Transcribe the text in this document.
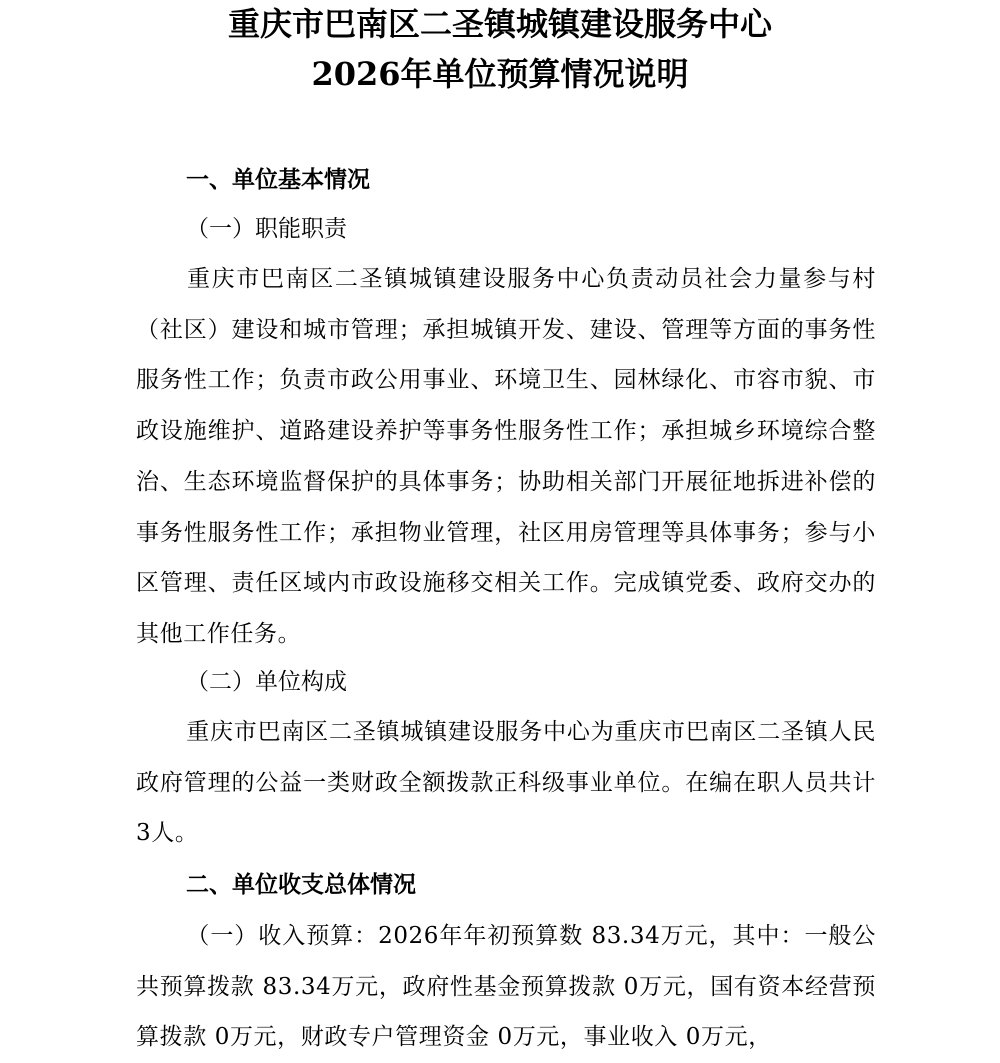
重庆市巴南区二圣镇城镇建设服务中心
2026年单位预算情况说明
一、单位基本情况
（一）职能职责
重庆市巴南区二圣镇城镇建设服务中心负责动员社会力量参与村（社区）建设和城市管理；承担城镇开发、建设、管理等方面的事务性服务性工作；负责市政公用事业、环境卫生、园林绿化、市容市貌、市政设施维护、道路建设养护等事务性服务性工作；承担城乡环境综合整治、生态环境监督保护的具体事务；协助相关部门开展征地拆进补偿的事务性服务性工作；承担物业管理，社区用房管理等具体事务；参与小区管理、责任区域内市政设施移交相关工作。完成镇党委、政府交办的其他工作任务。
（二）单位构成
重庆市巴南区二圣镇城镇建设服务中心为重庆市巴南区二圣镇人民政府管理的公益一类财政全额拨款正科级事业单位。在编在职人员共计3人。
二、单位收支总体情况
（一）收入预算：2026年年初预算数 83.34万元，其中：一般公共预算拨款 83.34万元，政府性基金预算拨款 0万元，国有资本经营预算拨款 0万元，财政专户管理资金 0万元，事业收入 0万元，
